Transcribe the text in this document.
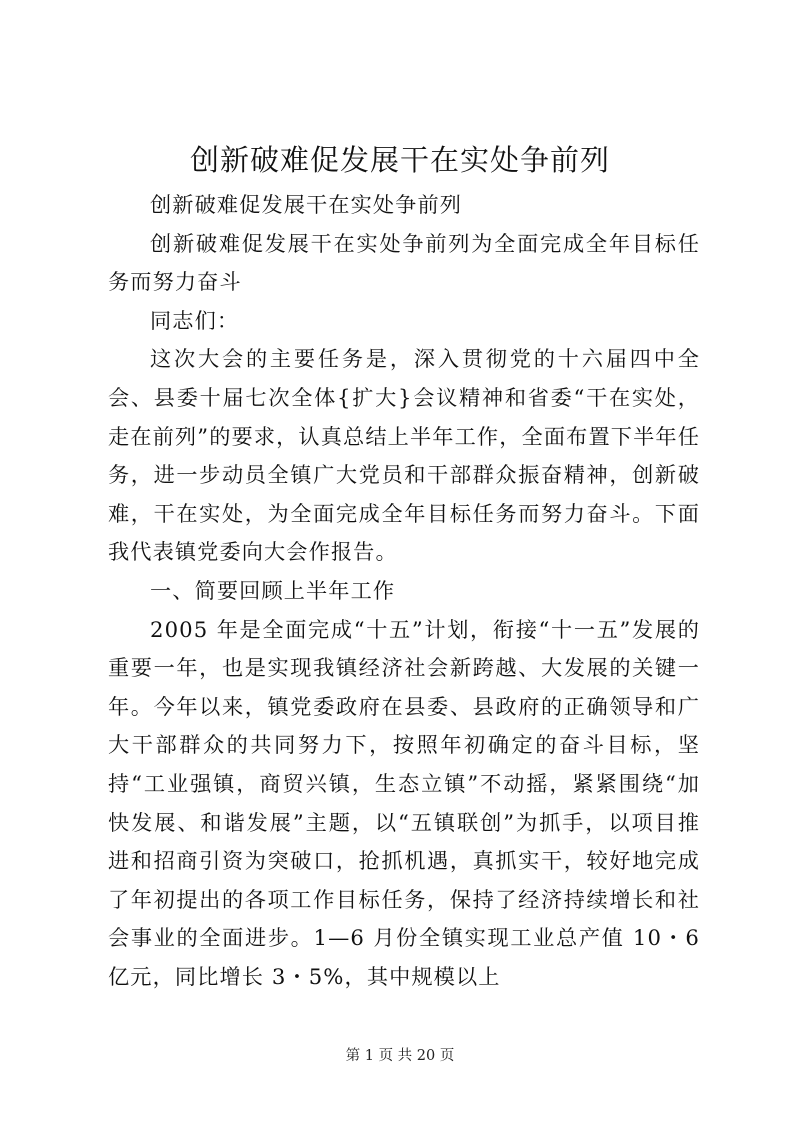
创新破难促发展干在实处争前列

创新破难促发展干在实处争前列

创新破难促发展干在实处争前列为全面完成全年目标任务而努力奋斗

同志们：

这次大会的主要任务是，深入贯彻党的十六届四中全会、县委十届七次全体{扩大}会议精神和省委“干在实处，走在前列”的要求，认真总结上半年工作，全面布置下半年任务，进一步动员全镇广大党员和干部群众振奋精神，创新破难，干在实处，为全面完成全年目标任务而努力奋斗。下面我代表镇党委向大会作报告。

一、简要回顾上半年工作

2005 年是全面完成“十五”计划，衔接“十一五”发展的重要一年，也是实现我镇经济社会新跨越、大发展的关键一年。今年以来，镇党委政府在县委、县政府的正确领导和广大干部群众的共同努力下，按照年初确定的奋斗目标，坚持“工业强镇，商贸兴镇，生态立镇”不动摇，紧紧围绕“加快发展、和谐发展”主题，以“五镇联创”为抓手，以项目推进和招商引资为突破口，抢抓机遇，真抓实干，较好地完成了年初提出的各项工作目标任务，保持了经济持续增长和社会事业的全面进步。1—6 月份全镇实现工业总产值 10・6 亿元，同比增长 3・5%，其中规模以上

第 1 页 共 20 页
